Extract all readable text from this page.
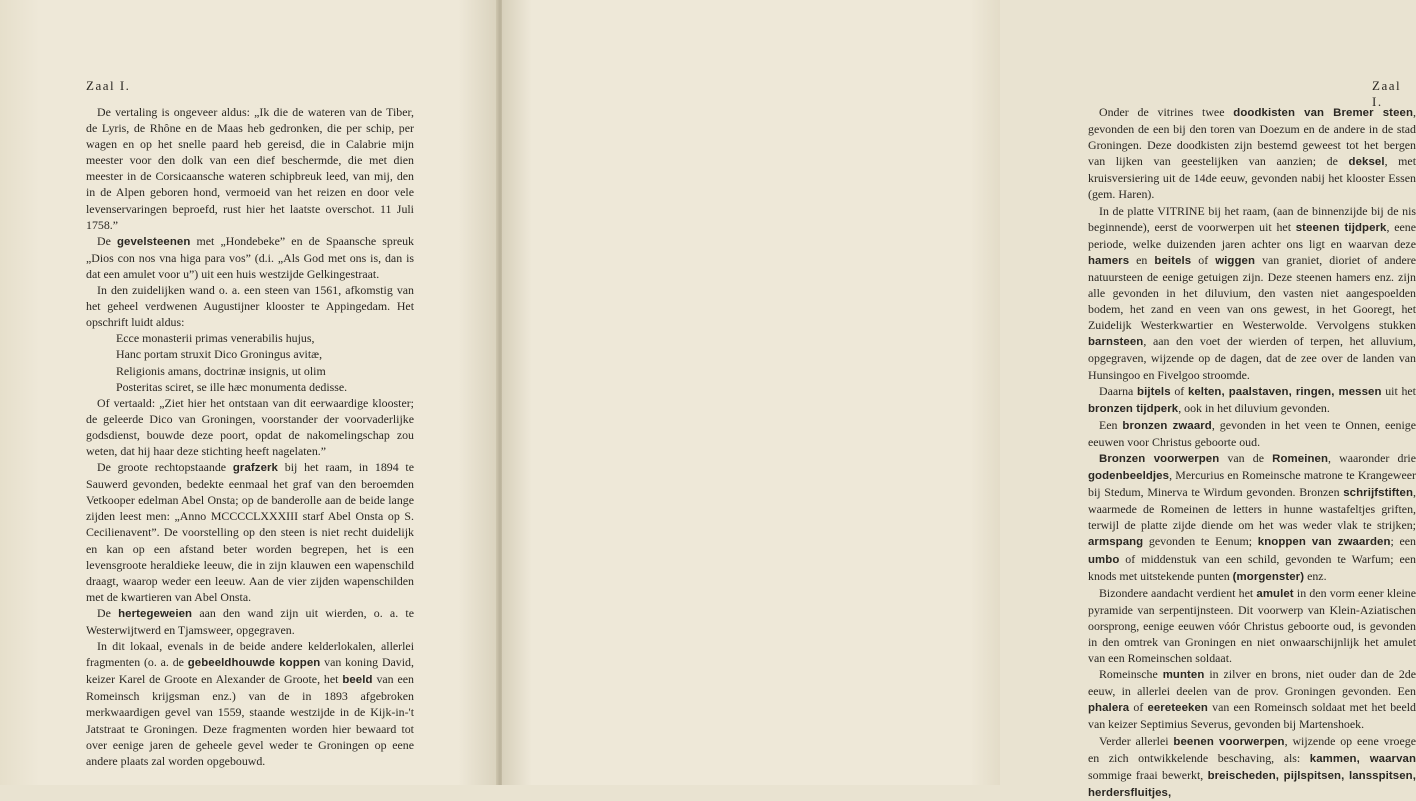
Zaal I.

De vertaling is ongeveer aldus: „Ik die de wateren van de Tiber, de Lyris, de Rhône en de Maas heb gedronken, die per schip, per wagen en op het snelle paard heb gereisd, die in Calabrie mijn meester voor den dolk van een dief beschermde, die met dien meester in de Corsicaansche wateren schipbreuk leed, van mij, den in de Alpen geboren hond, vermoeid van het reizen en door vele levenservaringen beproefd, rust hier het laatste overschot. 11 Juli 1758.”

De gevelsteenen met „Hondebeke” en de Spaansche spreuk „Dios con nos vna higa para vos” (d.i. „Als God met ons is, dan is dat een amulet voor u”) uit een huis westzijde Gelkingestraat.

In den zuidelijken wand o. a. een steen van 1561, afkomstig van het geheel verdwenen Augustijner klooster te Appingedam. Het opschrift luidt aldus:

Ecce monasterii primas venerabilis hujus,
Hanc portam struxit Dico Groningus avitæ,
Religionis amans, doctrinæ insignis, ut olim
Posteritas sciret, se ille hæc monumenta dedisse.

Of vertaald: „Ziet hier het ontstaan van dit eerwaardige klooster; de geleerde Dico van Groningen, voorstander der voorvaderlijke godsdienst, bouwde deze poort, opdat de nakomelingschap zou weten, dat hij haar deze stichting heeft nagelaten.”

De groote rechtopstaande grafzerk bij het raam, in 1894 te Sauwerd gevonden, bedekte eenmaal het graf van den beroemden Vetkooper edelman Abel Onsta; op de banderolle aan de beide lange zijden leest men: „Anno MCCCCLXXXIII starf Abel Onsta op S. Cecilienavent”. De voorstelling op den steen is niet recht duidelijk en kan op een afstand beter worden begrepen, het is een levensgroote heraldieke leeuw, die in zijn klauwen een wapenschild draagt, waarop weder een leeuw. Aan de vier zijden wapenschilden met de kwartieren van Abel Onsta.

De hertegeweien aan den wand zijn uit wierden, o. a. te Westerwijtwerd en Tjamsweer, opgegraven.

In dit lokaal, evenals in de beide andere kelderlokalen, allerlei fragmenten (o. a. de gebeeldhouwde koppen van koning David, keizer Karel de Groote en Alexander de Groote, het beeld van een Romeinsch krijgsman enz.) van de in 1893 afgebroken merkwaardigen gevel van 1559, staande westzijde in de Kijk-in-'t Jatstraat te Groningen. Deze fragmenten worden hier bewaard tot over eenige jaren de geheele gevel weder te Groningen op eene andere plaats zal worden opgebouwd.

Zaal I.

Onder de vitrines twee doodkisten van Bremer steen, gevonden de een bij den toren van Doezum en de andere in de stad Groningen. Deze doodkisten zijn bestemd geweest tot het bergen van lijken van geestelijken van aanzien; de deksel, met kruisversiering uit de 14de eeuw, gevonden nabij het klooster Essen (gem. Haren).

In de platte VITRINE bij het raam, (aan de binnenzijde bij de nis beginnende), eerst de voorwerpen uit het steenen tijdperk, eene periode, welke duizenden jaren achter ons ligt en waarvan deze hamers en beitels of wiggen van graniet, dioriet of andere natuursteen de eenige getuigen zijn. Deze steenen hamers enz. zijn alle gevonden in het diluvium, den vasten niet aangespoelden bodem, het zand en veen van ons gewest, in het Gooregt, het Zuidelijk Westerkwartier en Westerwolde. Vervolgens stukken barnsteen, aan den voet der wierden of terpen, het alluvium, opgegraven, wijzende op de dagen, dat de zee over de landen van Hunsingoo en Fivelgoo stroomde.

Daarna bijtels of kelten, paalstaven, ringen, messen uit het bronzen tijdperk, ook in het diluvium gevonden.

Een bronzen zwaard, gevonden in het veen te Onnen, eenige eeuwen voor Christus geboorte oud.

Bronzen voorwerpen van de Romeinen, waaronder drie godenbeeldjes, Mercurius en Romeinsche matrone te Krangeweer bij Stedum, Minerva te Wirdum gevonden. Bronzen schrijfstiften, waarmede de Romeinen de letters in hunne wastafeltjes griften, terwijl de platte zijde diende om het was weder vlak te strijken; armspang gevonden te Eenum; knoppen van zwaarden; een umbo of middenstuk van een schild, gevonden te Warfum; een knods met uitstekende punten (morgenster) enz.

Bizondere aandacht verdient het amulet in den vorm eener kleine pyramide van serpentijnsteen. Dit voorwerp van Klein-Aziatischen oorsprong, eenige eeuwen vóór Christus geboorte oud, is gevonden in den omtrek van Groningen en niet onwaarschijnlijk het amulet van een Romeinschen soldaat.

Romeinsche munten in zilver en brons, niet ouder dan de 2de eeuw, in allerlei deelen van de prov. Groningen gevonden. Een phalera of eereteeken van een Romeinsch soldaat met het beeld van keizer Septimius Severus, gevonden bij Martenshoek.

Verder allerlei beenen voorwerpen, wijzende op eene vroege en zich ontwikkelende beschaving, als: kammen, waarvan sommige fraai bewerkt, breischeden, pijlspitsen, lansspitsen, herdersfluitjes,
